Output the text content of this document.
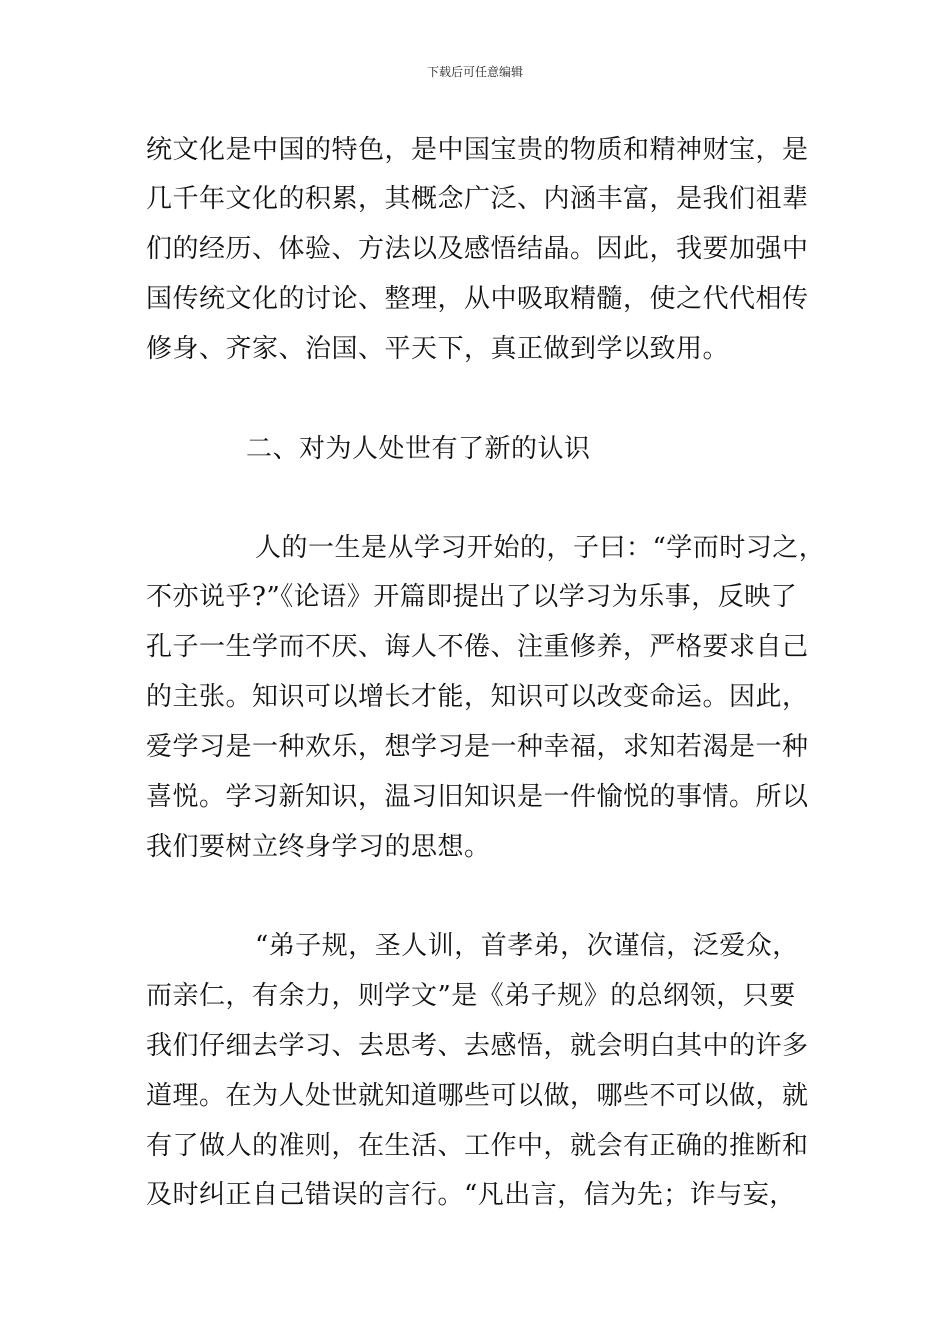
下载后可任意编辑
统文化是中国的特色，是中国宝贵的物质和精神财宝，是
几千年文化的积累，其概念广泛、内涵丰富，是我们祖辈
们的经历、体验、方法以及感悟结晶。因此，我要加强中
国传统文化的讨论、整理，从中吸取精髓，使之代代相传
修身、齐家、治国、平天下，真正做到学以致用。
二、对为人处世有了新的认识
人的一生是从学习开始的，子曰：“学而时习之，
不亦说乎?”《论语》开篇即提出了以学习为乐事，反映了
孔子一生学而不厌、诲人不倦、注重修养，严格要求自己
的主张。知识可以增长才能，知识可以改变命运。因此，
爱学习是一种欢乐，想学习是一种幸福，求知若渴是一种
喜悦。学习新知识，温习旧知识是一件愉悦的事情。所以
我们要树立终身学习的思想。
“弟子规，圣人训，首孝弟，次谨信，泛爱众，
而亲仁，有余力，则学文”是《弟子规》的总纲领，只要
我们仔细去学习、去思考、去感悟，就会明白其中的许多
道理。在为人处世就知道哪些可以做，哪些不可以做，就
有了做人的准则，在生活、工作中，就会有正确的推断和
及时纠正自己错误的言行。“凡出言，信为先；诈与妄，
